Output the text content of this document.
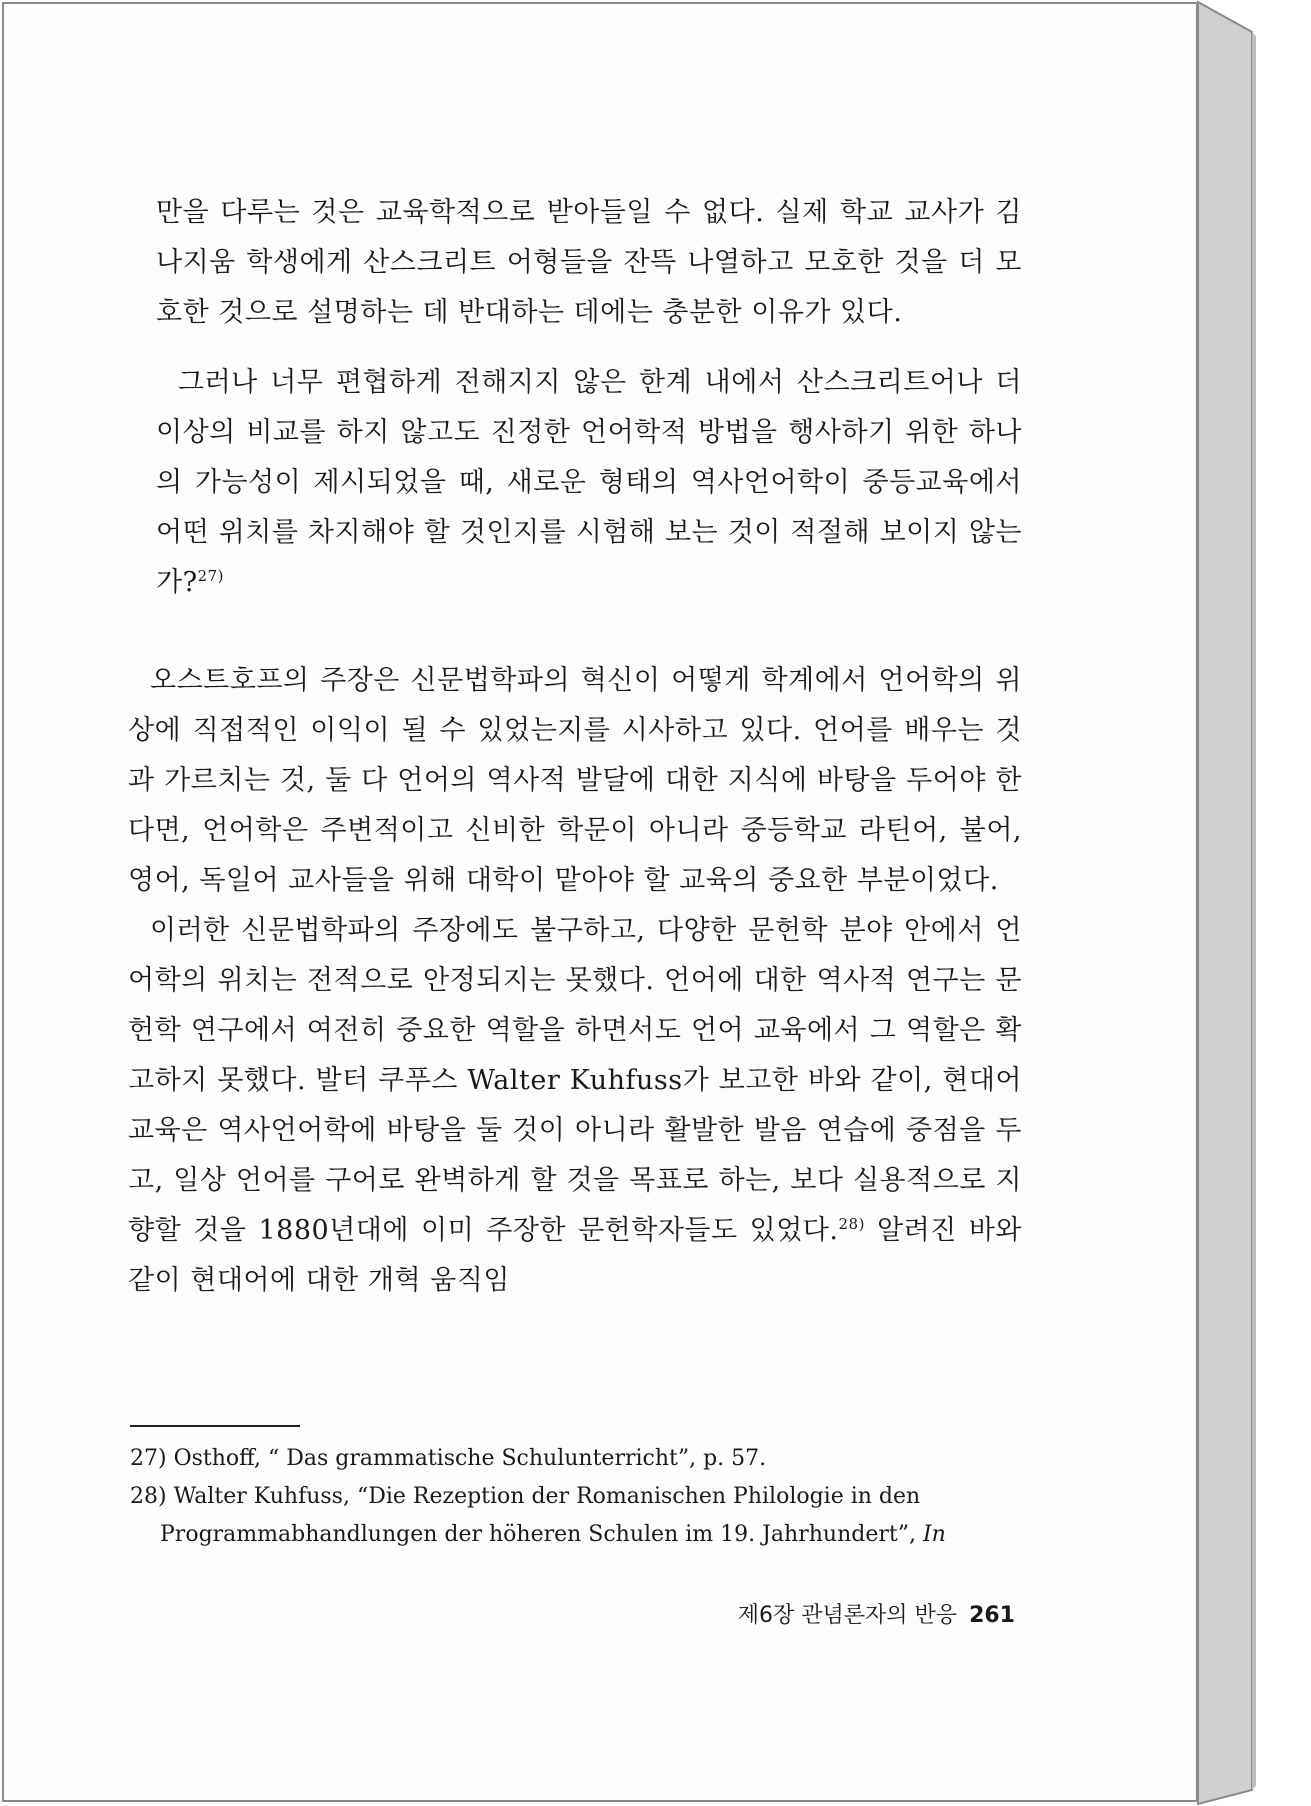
만을 다루는 것은 교육학적으로 받아들일 수 없다. 실제 학교 교사가 김나지움 학생에게 산스크리트 어형들을 잔뜩 나열하고 모호한 것을 더 모호한 것으로 설명하는 데 반대하는 데에는 충분한 이유가 있다.

그러나 너무 편협하게 전해지지 않은 한계 내에서 산스크리트어나 더 이상의 비교를 하지 않고도 진정한 언어학적 방법을 행사하기 위한 하나의 가능성이 제시되었을 때, 새로운 형태의 역사언어학이 중등교육에서 어떤 위치를 차지해야 할 것인지를 시험해 보는 것이 적절해 보이지 않는가?$^{27)}$

오스트호프의 주장은 신문법학파의 혁신이 어떻게 학계에서 언어학의 위상에 직접적인 이익이 될 수 있었는지를 시사하고 있다. 언어를 배우는 것과 가르치는 것, 둘 다 언어의 역사적 발달에 대한 지식에 바탕을 두어야 한다면, 언어학은 주변적이고 신비한 학문이 아니라 중등학교 라틴어, 불어, 영어, 독일어 교사들을 위해 대학이 맡아야 할 교육의 중요한 부분이었다.

이러한 신문법학파의 주장에도 불구하고, 다양한 문헌학 분야 안에서 언어학의 위치는 전적으로 안정되지는 못했다. 언어에 대한 역사적 연구는 문헌학 연구에서 여전히 중요한 역할을 하면서도 언어 교육에서 그 역할은 확고하지 못했다. 발터 쿠푸스 Walter Kuhfuss가 보고한 바와 같이, 현대어 교육은 역사언어학에 바탕을 둘 것이 아니라 활발한 발음 연습에 중점을 두고, 일상 언어를 구어로 완벽하게 할 것을 목표로 하는, 보다 실용적으로 지향할 것을 1880년대에 이미 주장한 문헌학자들도 있었다.$^{28)}$ 알려진 바와 같이 현대어에 대한 개혁 움직임

27) Osthoff, “ Das grammatische Schulunterricht”, p. 57.

28) Walter Kuhfuss, “Die Rezeption der Romanischen Philologie in den

Programmabhandlungen der höheren Schulen im 19. Jahrhundert”, In

제6장 관념론자의 반응 261
